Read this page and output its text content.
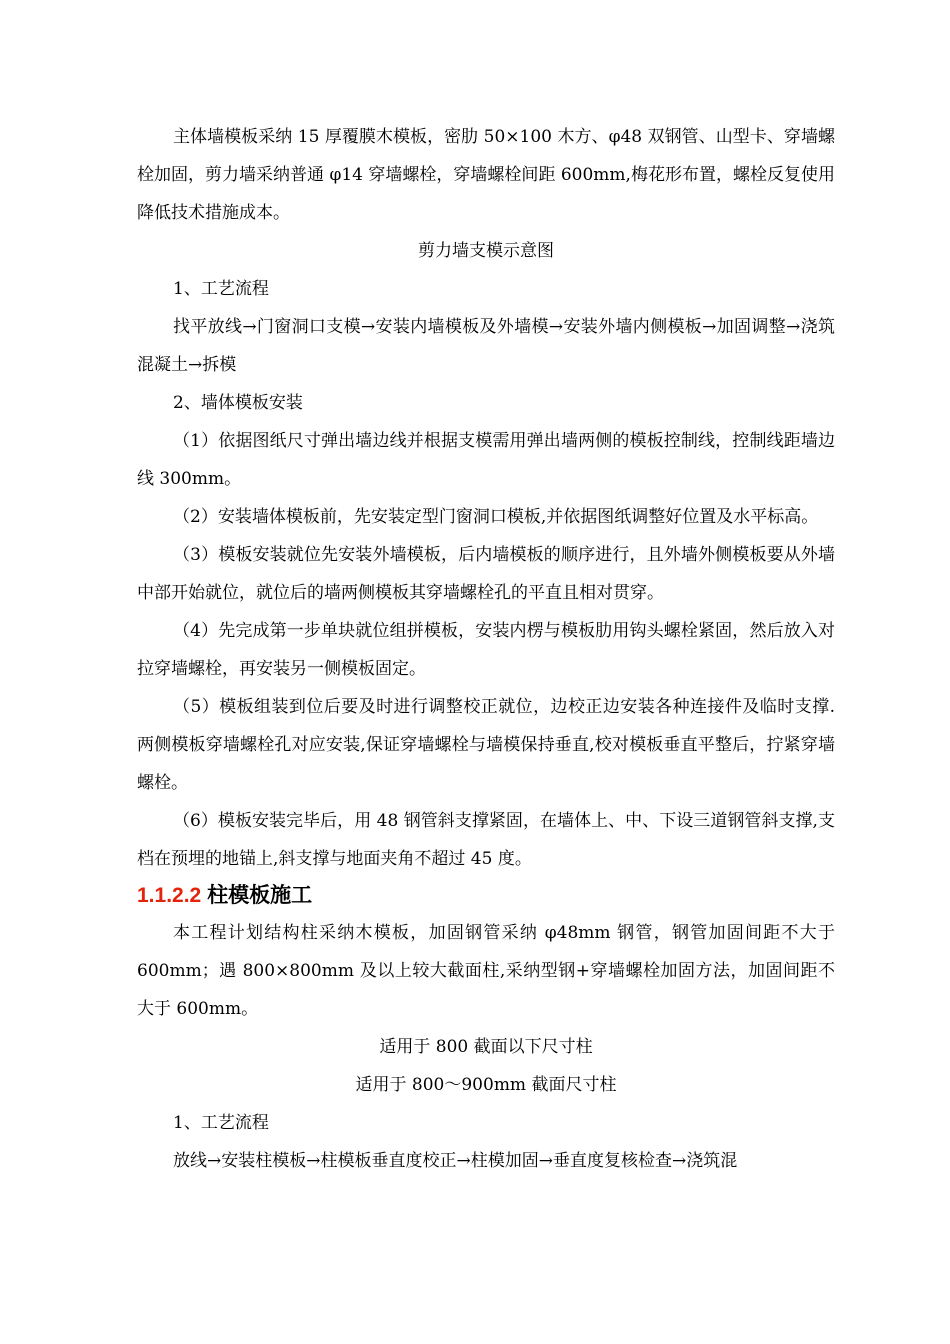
主体墙模板采纳 15 厚覆膜木模板，密肋 50×100 木方、φ48 双钢管、山型卡、穿墙螺栓加固，剪力墙采纳普通 φ14 穿墙螺栓，穿墙螺栓间距 600mm,梅花形布置，螺栓反复使用降低技术措施成本。

剪力墙支模示意图

1、工艺流程

找平放线→门窗洞口支模→安装内墙模板及外墙模→安装外墙内侧模板→加固调整→浇筑混凝土→拆模

2、墙体模板安装

（1）依据图纸尺寸弹出墙边线并根据支模需用弹出墙两侧的模板控制线，控制线距墙边线 300mm。

（2）安装墙体模板前，先安装定型门窗洞口模板,并依据图纸调整好位置及水平标高。

（3）模板安装就位先安装外墙模板，后内墙模板的顺序进行，且外墙外侧模板要从外墙中部开始就位，就位后的墙两侧模板其穿墙螺栓孔的平直且相对贯穿。

（4）先完成第一步单块就位组拼模板，安装内楞与模板肋用钩头螺栓紧固，然后放入对拉穿墙螺栓，再安装另一侧模板固定。

（5）模板组装到位后要及时进行调整校正就位，边校正边安装各种连接件及临时支撑.两侧模板穿墙螺栓孔对应安装,保证穿墙螺栓与墙模保持垂直,校对模板垂直平整后，拧紧穿墙螺栓。

（6）模板安装完毕后，用 48 钢管斜支撑紧固，在墙体上、中、下设三道钢管斜支撑,支档在预埋的地锚上,斜支撑与地面夹角不超过 45 度。

1.1.2.2 柱模板施工

本工程计划结构柱采纳木模板，加固钢管采纳 φ48mm 钢管，钢管加固间距不大于 600mm；遇 800×800mm 及以上较大截面柱,采纳型钢+穿墙螺栓加固方法，加固间距不大于 600mm。

适用于 800 截面以下尺寸柱

适用于 800～900mm 截面尺寸柱

1、工艺流程

放线→安装柱模板→柱模板垂直度校正→柱模加固→垂直度复核检查→浇筑混
